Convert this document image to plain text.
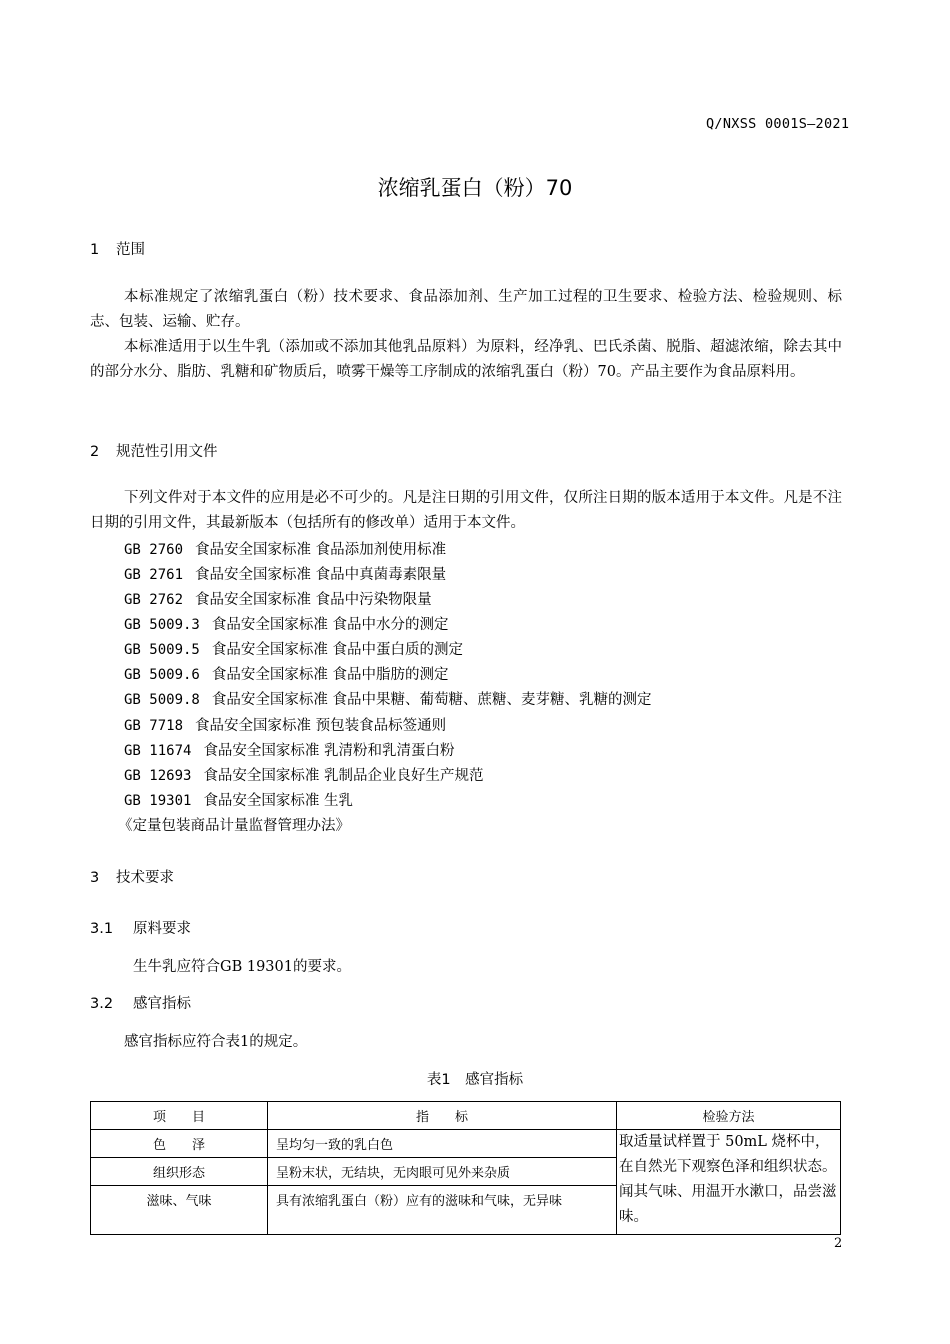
Q/NXSS 0001S—2021
浓缩乳蛋白（粉）70
1 范围
本标准规定了浓缩乳蛋白（粉）技术要求、食品添加剂、生产加工过程的卫生要求、检验方法、检验规则、标志、包装、运输、贮存。
本标准适用于以生牛乳（添加或不添加其他乳品原料）为原料，经净乳、巴氏杀菌、脱脂、超滤浓缩，除去其中的部分水分、脂肪、乳糖和矿物质后，喷雾干燥等工序制成的浓缩乳蛋白（粉）70。产品主要作为食品原料用。
2 规范性引用文件
下列文件对于本文件的应用是必不可少的。凡是注日期的引用文件，仅所注日期的版本适用于本文件。凡是不注日期的引用文件，其最新版本（包括所有的修改单）适用于本文件。
GB 2760 食品安全国家标准 食品添加剂使用标准
GB 2761 食品安全国家标准 食品中真菌毒素限量
GB 2762 食品安全国家标准 食品中污染物限量
GB 5009.3 食品安全国家标准 食品中水分的测定
GB 5009.5 食品安全国家标准 食品中蛋白质的测定
GB 5009.6 食品安全国家标准 食品中脂肪的测定
GB 5009.8 食品安全国家标准 食品中果糖、葡萄糖、蔗糖、麦芽糖、乳糖的测定
GB 7718 食品安全国家标准 预包装食品标签通则
GB 11674 食品安全国家标准 乳清粉和乳清蛋白粉
GB 12693 食品安全国家标准 乳制品企业良好生产规范
GB 19301 食品安全国家标准 生乳
《定量包装商品计量监督管理办法》
3 技术要求
3.1 原料要求
生牛乳应符合GB 19301的要求。
3.2 感官指标
感官指标应符合表1的规定。
表1　感官指标
项　　目	指　　标	检验方法
色　　泽	呈均匀一致的乳白色	取适量试样置于 50mL 烧杯中，在自然光下观察色泽和组织状态。闻其气味、用温开水漱口，品尝滋味。
组织形态	呈粉末状，无结块，无肉眼可见外来杂质	
滋味、气味	具有浓缩乳蛋白（粉）应有的滋味和气味，无异味	
2
